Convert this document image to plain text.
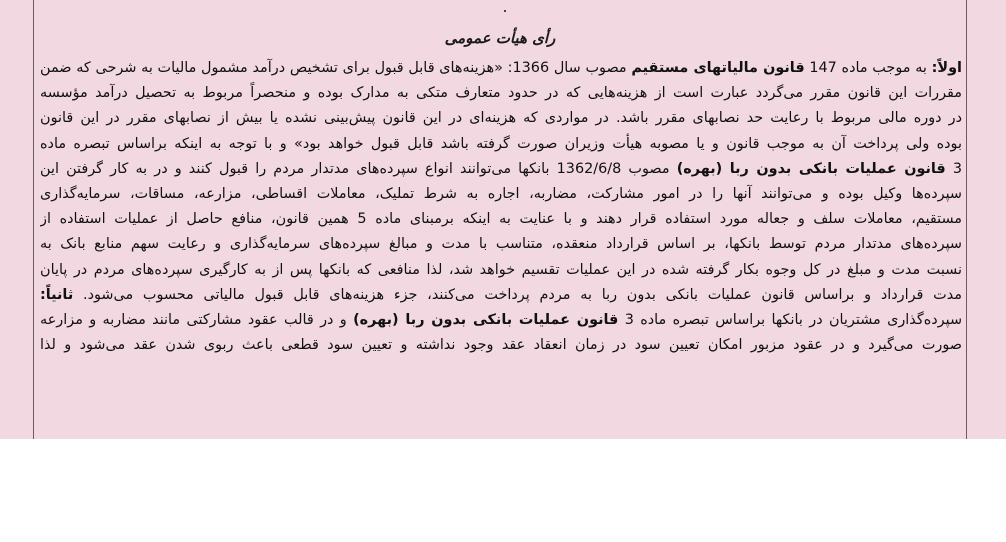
رأی هیأت عمومی
اولاً: به موجب ماده 147 قانون مالیاتهای مستقیم مصوب سال 1366: «هزینه‌های قابل قبول برای تشخیص درآمد مشمول مالیات به شرحی که ضمن
مقررات این قانون مقرر می‌گردد عبارت است از هزینه‌هایی که در حدود متعارف متکی به مدارک بوده و منحصراً مربوط به تحصیل درآمد مؤسسه
در دوره مالی مربوط با رعایت حد نصابهای مقرر باشد. در مواردی که هزینه‌ای در این قانون پیش‌بینی نشده یا بیش از نصابهای مقرر در این قانون
بوده ولی پرداخت آن به موجب قانون و یا مصوبه هیأت وزیران صورت گرفته باشد قابل قبول خواهد بود» و با توجه به اینکه براساس تبصره ماده
3 قانون عملیات بانکی بدون ربا (بهره) مصوب 1362/6/8 بانکها می‌توانند انواع سپرده‌های مدتدار مردم را قبول کنند و در به کار گرفتن این
سپرده‌ها وکیل بوده و می‌توانند آنها را در امور مشارکت، مضاربه، اجاره به شرط تملیک، معاملات اقساطی، مزارعه، مساقات، سرمایه‌گذاری
مستقیم، معاملات سلف و جعاله مورد استفاده قرار دهند و با عنایت به اینکه برمبنای ماده 5 همین قانون، منافع حاصل از عملیات استفاده از
سپرده‌های مدتدار مردم توسط بانکها، بر اساس قرارداد منعقده، متناسب با مدت و مبالغ سپرده‌های سرمایه‌گذاری و رعایت سهم منابع بانک به
نسبت مدت و مبلغ در کل وجوه بکار گرفته شده در این عملیات تقسیم خواهد شد، لذا منافعی که بانکها پس از به کارگیری سپرده‌های مردم در پایان
مدت قرارداد و براساس قانون عملیات بانکی بدون ربا به مردم پرداخت می‌کنند، جزء هزینه‌های قابل قبول مالیاتی محسوب می‌شود. ثانیاً:
سپرده‌گذاری مشتریان در بانکها براساس تبصره ماده 3 قانون عملیات بانکی بدون ربا (بهره) و در قالب عقود مشارکتی مانند مضاربه و مزارعه
صورت می‌گیرد و در عقود مزبور امکان تعیین سود در زمان انعقاد عقد وجود نداشته و تعیین سود قطعی باعث ربوی شدن عقد می‌شود و لذا
